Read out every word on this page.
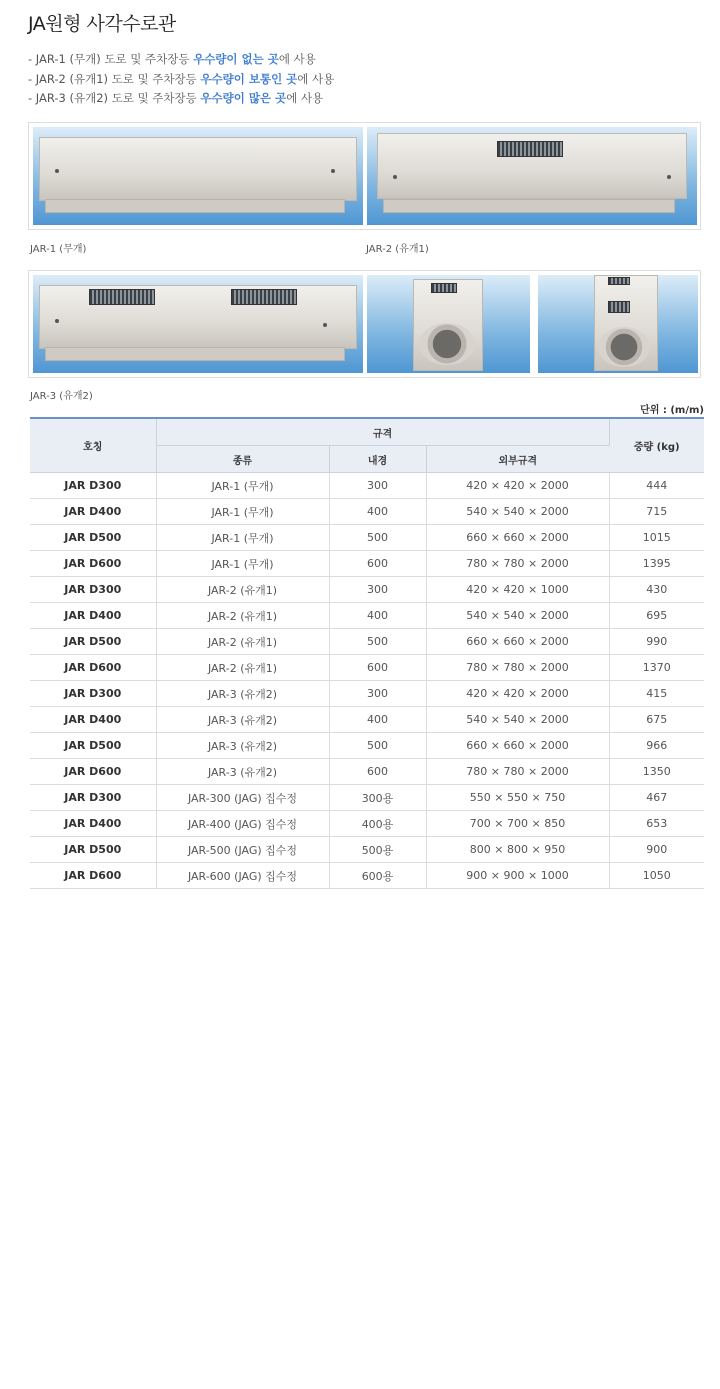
JA원형 사각수로관
- JAR-1 (무개) 도로 및 주차장등 우수량이 없는 곳에 사용
- JAR-2 (유개1) 도로 및 주차장등 우수량이 보통인 곳에 사용
- JAR-3 (유개2) 도로 및 주차장등 우수량이 많은 곳에 사용
JAR-1 (무개)	JAR-2 (유개1)
JAR-3 (유개2)
단위 : (m/m)
호칭	규격			중량 (kg)
	종류	내경	외부규격	
JAR D300	JAR-1 (무개)	300	420 × 420 × 2000	444
JAR D400	JAR-1 (무개)	400	540 × 540 × 2000	715
JAR D500	JAR-1 (무개)	500	660 × 660 × 2000	1015
JAR D600	JAR-1 (무개)	600	780 × 780 × 2000	1395
JAR D300	JAR-2 (유개1)	300	420 × 420 × 1000	430
JAR D400	JAR-2 (유개1)	400	540 × 540 × 2000	695
JAR D500	JAR-2 (유개1)	500	660 × 660 × 2000	990
JAR D600	JAR-2 (유개1)	600	780 × 780 × 2000	1370
JAR D300	JAR-3 (유개2)	300	420 × 420 × 2000	415
JAR D400	JAR-3 (유개2)	400	540 × 540 × 2000	675
JAR D500	JAR-3 (유개2)	500	660 × 660 × 2000	966
JAR D600	JAR-3 (유개2)	600	780 × 780 × 2000	1350
JAR D300	JAR-300 (JAG) 집수정	300용	550 × 550 × 750	467
JAR D400	JAR-400 (JAG) 집수정	400용	700 × 700 × 850	653
JAR D500	JAR-500 (JAG) 집수정	500용	800 × 800 × 950	900
JAR D600	JAR-600 (JAG) 집수정	600용	900 × 900 × 1000	1050
